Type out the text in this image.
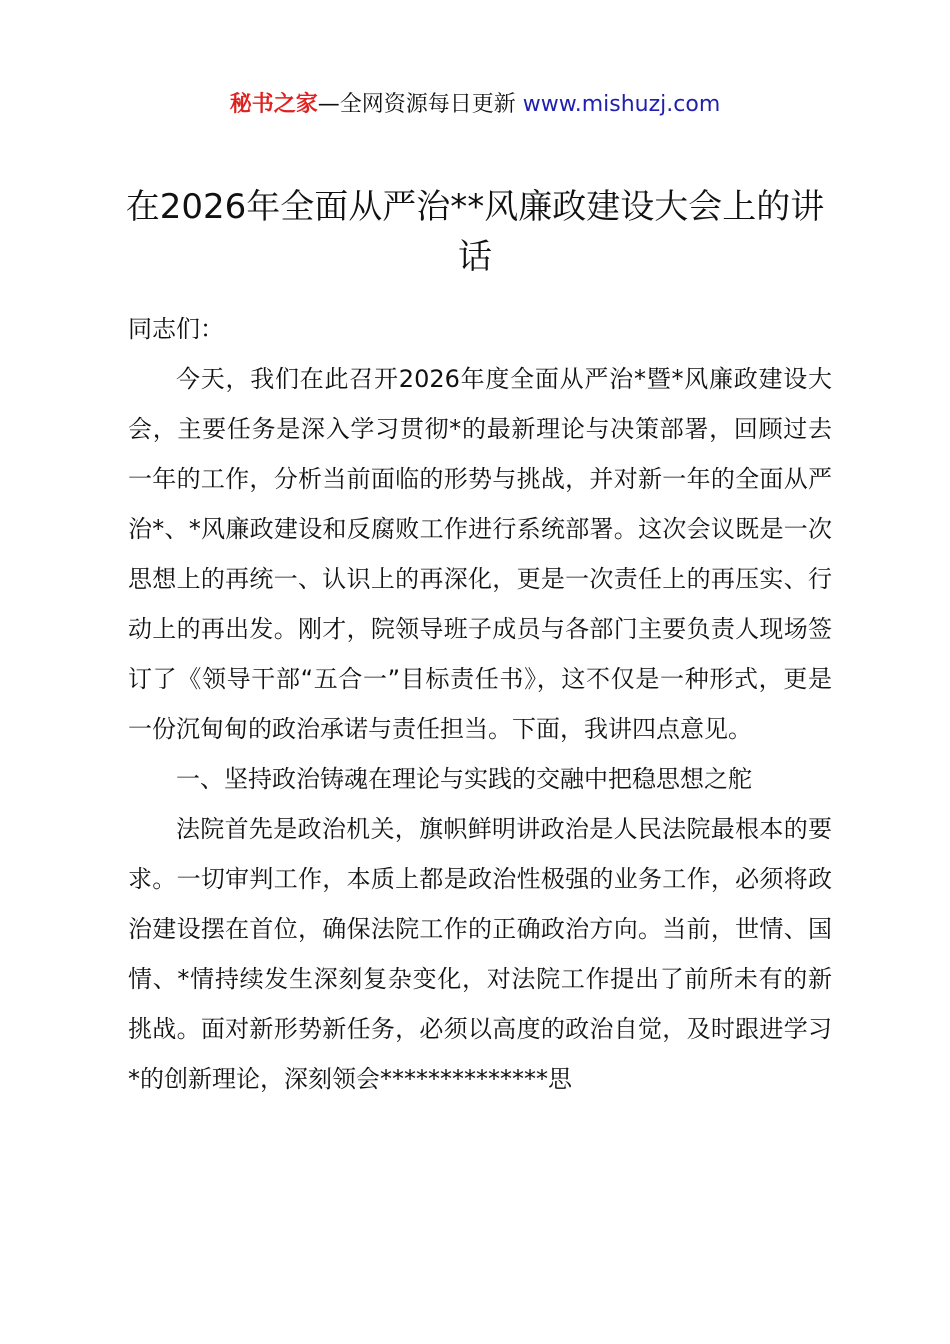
秘书之家—全网资源每日更新 www.mishuzj.com
在2026年全面从严治**风廉政建设大会上的讲话

同志们：

今天，我们在此召开2026年度全面从严治*暨*风廉政建设大会，主要任务是深入学习贯彻*的最新理论与决策部署，回顾过去一年的工作，分析当前面临的形势与挑战，并对新一年的全面从严治*、*风廉政建设和反腐败工作进行系统部署。这次会议既是一次思想上的再统一、认识上的再深化，更是一次责任上的再压实、行动上的再出发。刚才，院领导班子成员与各部门主要负责人现场签订了《领导干部“五合一”目标责任书》，这不仅是一种形式，更是一份沉甸甸的政治承诺与责任担当。下面，我讲四点意见。

一、坚持政治铸魂在理论与实践的交融中把稳思想之舵

法院首先是政治机关，旗帜鲜明讲政治是人民法院最根本的要求。一切审判工作，本质上都是政治性极强的业务工作，必须将政治建设摆在首位，确保法院工作的正确政治方向。当前，世情、国情、*情持续发生深刻复杂变化，对法院工作提出了前所未有的新挑战。面对新形势新任务，必须以高度的政治自觉，及时跟进学习*的创新理论，深刻领会**************思
